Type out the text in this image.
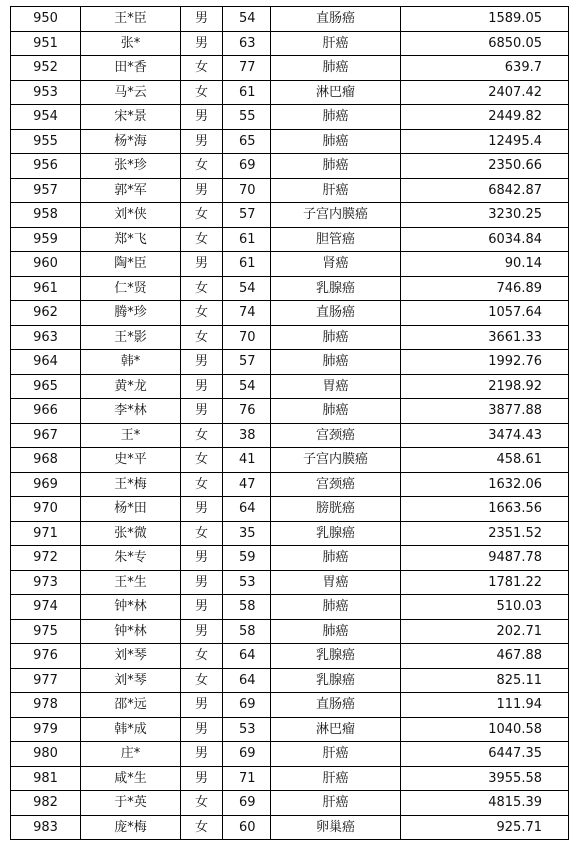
950	王*臣	男	54	直肠癌	1589.05
951	张*	男	63	肝癌	6850.05
952	田*香	女	77	肺癌	639.7
953	马*云	女	61	淋巴瘤	2407.42
954	宋*景	男	55	肺癌	2449.82
955	杨*海	男	65	肺癌	12495.4
956	张*珍	女	69	肺癌	2350.66
957	郭*军	男	70	肝癌	6842.87
958	刘*侠	女	57	子宫内膜癌	3230.25
959	郑*飞	女	61	胆管癌	6034.84
960	陶*臣	男	61	肾癌	90.14
961	仁*贤	女	54	乳腺癌	746.89
962	腾*珍	女	74	直肠癌	1057.64
963	王*影	女	70	肺癌	3661.33
964	韩*	男	57	肺癌	1992.76
965	黄*龙	男	54	胃癌	2198.92
966	李*林	男	76	肺癌	3877.88
967	王*	女	38	宫颈癌	3474.43
968	史*平	女	41	子宫内膜癌	458.61
969	王*梅	女	47	宫颈癌	1632.06
970	杨*田	男	64	膀胱癌	1663.56
971	张*微	女	35	乳腺癌	2351.52
972	朱*专	男	59	肺癌	9487.78
973	王*生	男	53	胃癌	1781.22
974	钟*林	男	58	肺癌	510.03
975	钟*林	男	58	肺癌	202.71
976	刘*琴	女	64	乳腺癌	467.88
977	刘*琴	女	64	乳腺癌	825.11
978	邵*远	男	69	直肠癌	111.94
979	韩*成	男	53	淋巴瘤	1040.58
980	庄*	男	69	肝癌	6447.35
981	咸*生	男	71	肝癌	3955.58
982	于*英	女	69	肝癌	4815.39
983	庞*梅	女	60	卵巢癌	925.71
